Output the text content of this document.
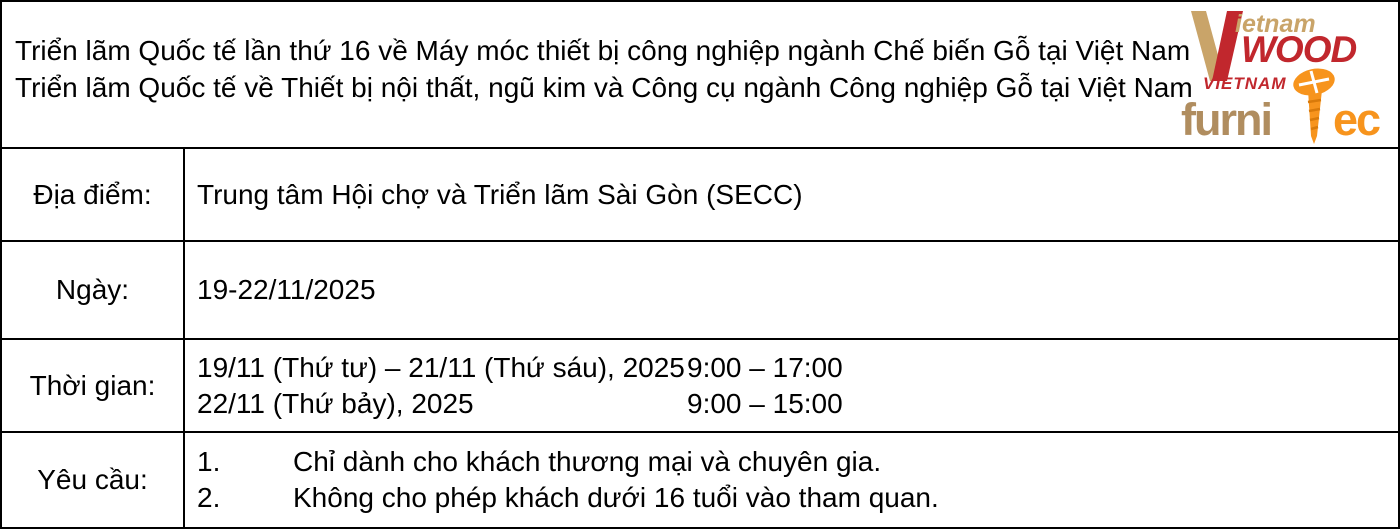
Triển lãm Quốc tế lần thứ 16 về Máy móc thiết bị công nghiệp ngành Chế biến Gỗ tại Việt Nam
Triển lãm Quốc tế về Thiết bị nội thất, ngũ kim và Công cụ ngành Công nghiệp Gỗ tại Việt Nam
ietnam
WOOD
VIETNAM
furni ec
Địa điểm:	Trung tâm Hội chợ và Triển lãm Sài Gòn (SECC)
Ngày:	19-22/11/2025
Thời gian:
19/11 (Thứ tư) – 21/11 (Thứ sáu), 2025 9:00 – 17:00
22/11 (Thứ bảy), 2025	9:00 – 15:00
Yêu cầu:
1.	Chỉ dành cho khách thương mại và chuyên gia.
2.	Không cho phép khách dưới 16 tuổi vào tham quan.
